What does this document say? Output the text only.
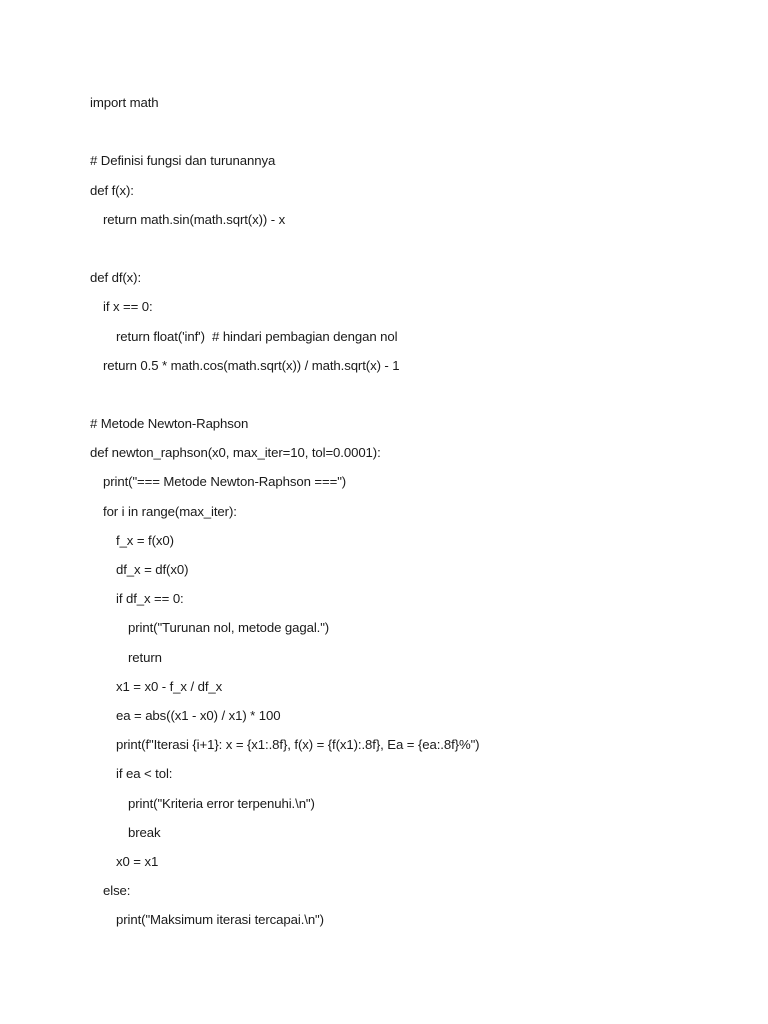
import math
# Definisi fungsi dan turunannya
def f(x):
return math.sin(math.sqrt(x)) - x
def df(x):
if x == 0:
return float('inf')  # hindari pembagian dengan nol
return 0.5 * math.cos(math.sqrt(x)) / math.sqrt(x) - 1
# Metode Newton-Raphson
def newton_raphson(x0, max_iter=10, tol=0.0001):
print("=== Metode Newton-Raphson ===")
for i in range(max_iter):
f_x = f(x0)
df_x = df(x0)
if df_x == 0:
print("Turunan nol, metode gagal.")
return
x1 = x0 - f_x / df_x
ea = abs((x1 - x0) / x1) * 100
print(f"Iterasi {i+1}: x = {x1:.8f}, f(x) = {f(x1):.8f}, Ea = {ea:.8f}%")
if ea < tol:
print("Kriteria error terpenuhi.\n")
break
x0 = x1
else:
print("Maksimum iterasi tercapai.\n")
